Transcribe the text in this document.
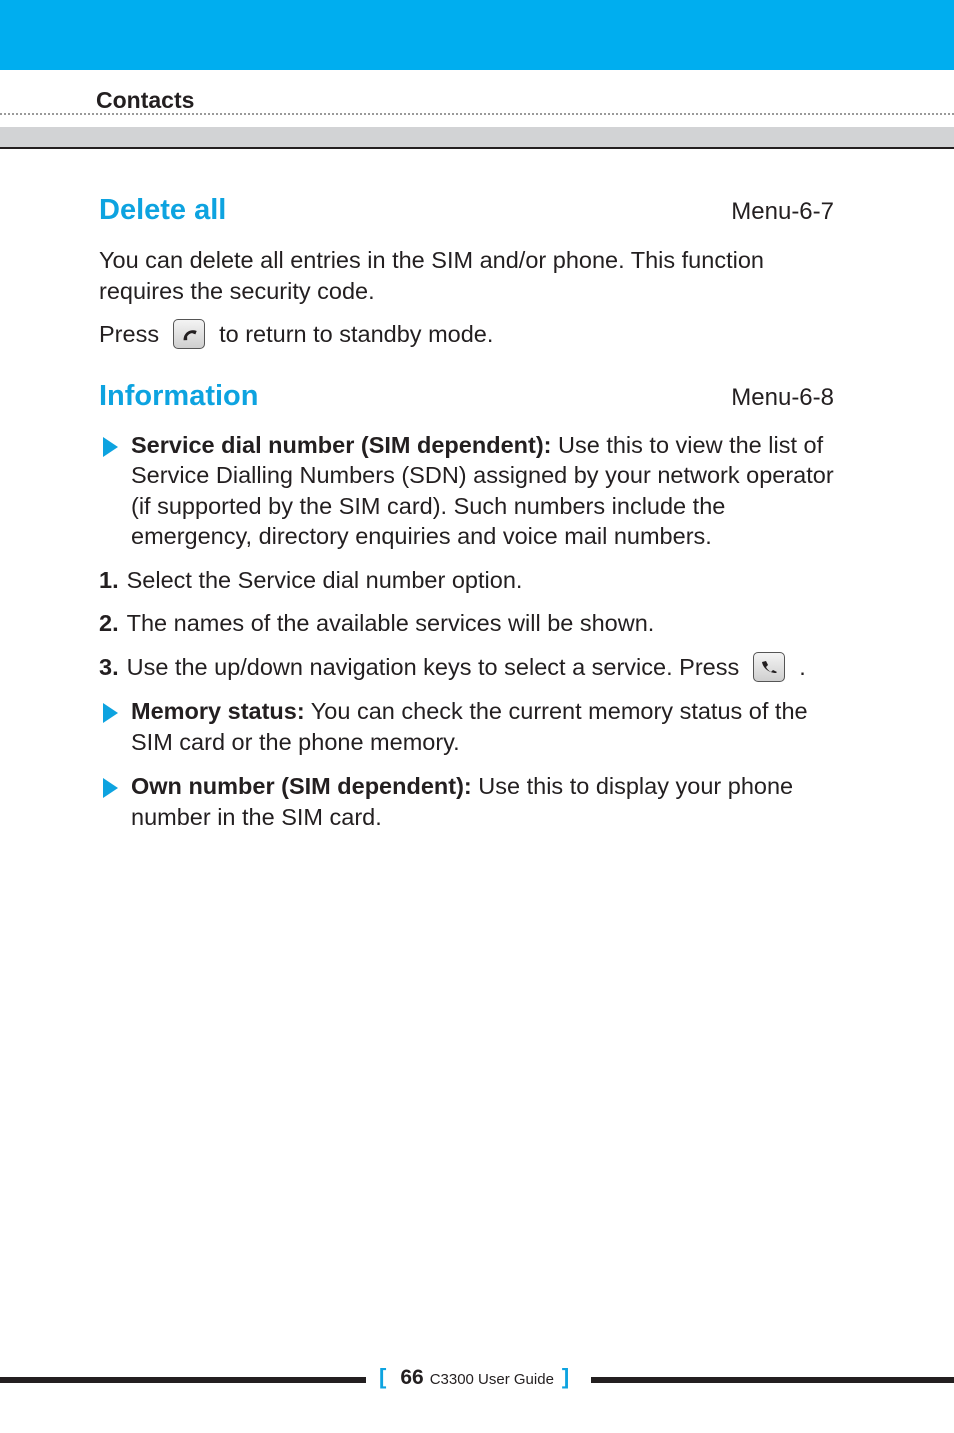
Contacts
Delete all	Menu-6-7

You can delete all entries in the SIM and/or phone. This function requires the security code.

Press	to return to standby mode.

Information	Menu-6-8

Service dial number (SIM dependent): Use this to view the list of Service Dialling Numbers (SDN) assigned by your network operator (if supported by the SIM card). Such numbers include the emergency, directory enquiries and voice mail numbers.

1. Select the Service dial number option.

2. The names of the available services will be shown.

3. Use the up/down navigation keys to select a service. Press	.

Memory status: You can check the current memory status of the SIM card or the phone memory.

Own number (SIM dependent): Use this to display your phone number in the SIM card.

[ 66 C3300 User Guide ]
